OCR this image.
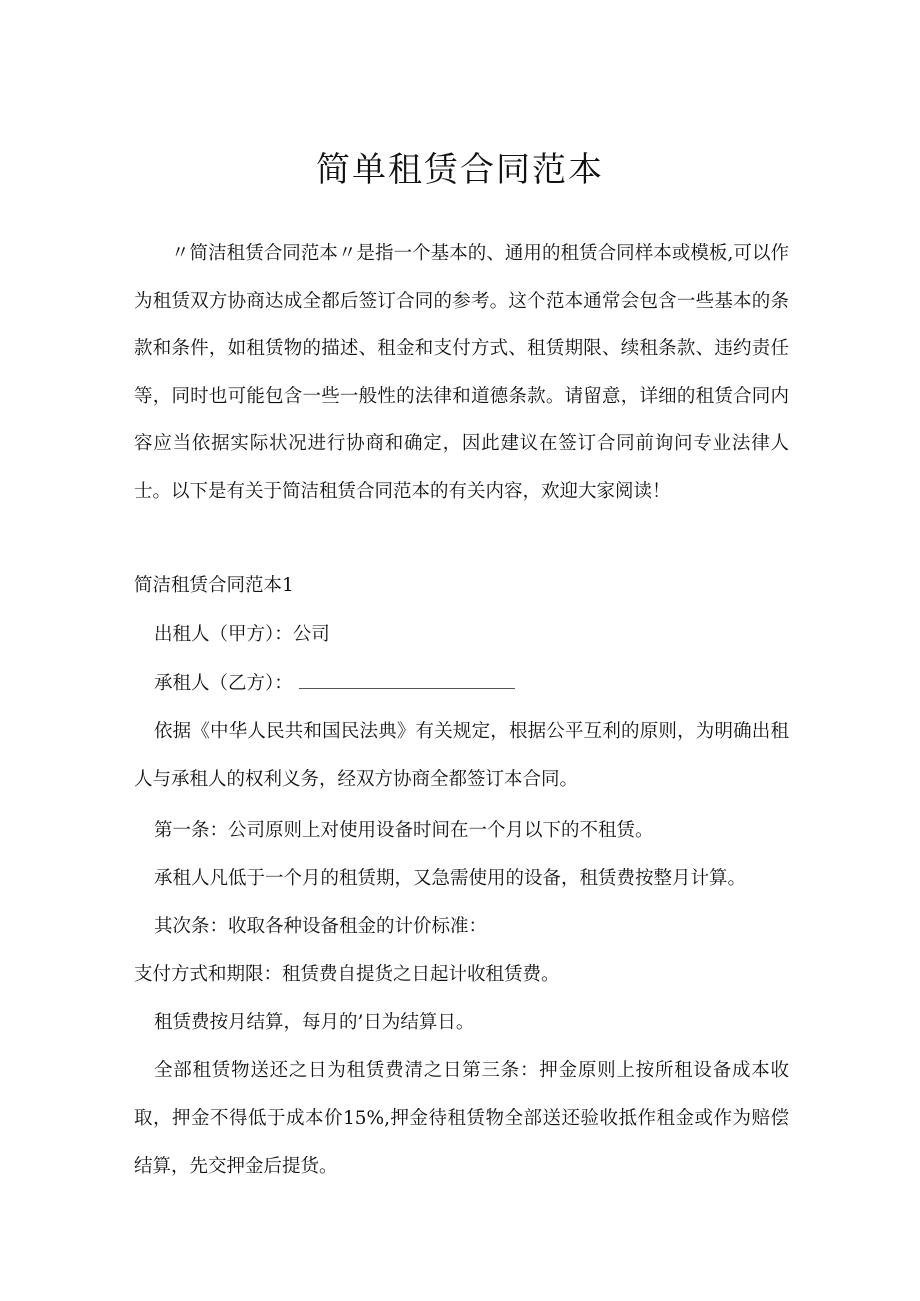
简单租赁合同范本

〃简洁租赁合同范本〃是指一个基本的、通用的租赁合同样本或模板,可以作为租赁双方协商达成全都后签订合同的参考。这个范本通常会包含一些基本的条款和条件，如租赁物的描述、租金和支付方式、租赁期限、续租条款、违约责任等，同时也可能包含一些一般性的法律和道德条款。请留意，详细的租赁合同内容应当依据实际状况进行协商和确定，因此建议在签订合同前询问专业法律人士。以下是有关于简洁租赁合同范本的有关内容，欢迎大家阅读！

简洁租赁合同范本1

出租人（甲方）：公司

承租人（乙方）：

依据《中华人民共和国民法典》有关规定，根据公平互利的原则，为明确出租人与承租人的权利义务，经双方协商全都签订本合同。

第一条：公司原则上对使用设备时间在一个月以下的不租赁。

承租人凡低于一个月的租赁期，又急需使用的设备，租赁费按整月计算。

其次条：收取各种设备租金的计价标准：

支付方式和期限：租赁费自提货之日起计收租赁费。

租赁费按月结算，每月的’日为结算日。

全部租赁物送还之日为租赁费清之日第三条：押金原则上按所租设备成本收取，押金不得低于成本价15%,押金待租赁物全部送还验收抵作租金或作为赔偿结算，先交押金后提货。
